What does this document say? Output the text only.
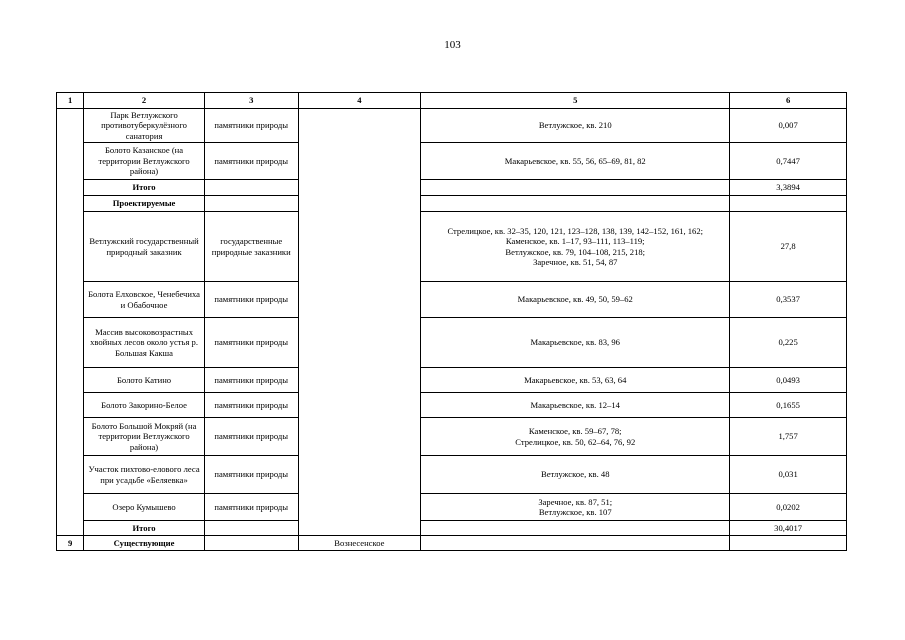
103
1	2	3	4	5	6
	Парк Ветлужского противотуберкулёзного санатория	памятники природы		Ветлужское, кв. 210	0,007
	Болото Казанское (на территории Ветлужского района)	памятники природы		Макарьевское, кв. 55, 56, 65–69, 81, 82	0,7447
	Итого				3,3894
	Проектируемые				
	Ветлужский государственный природный заказник	государственные природные заказники		Стрелицкое, кв. 32–35, 120, 121, 123–128, 138, 139, 142–152, 161, 162;
Каменское, кв. 1–17, 93–111, 113–119;
Ветлужское, кв. 79, 104–108, 215, 218;
Заречное, кв. 51, 54, 87	27,8
	Болота Елховское, Ченебечиха и Обабочное	памятники природы		Макарьевское, кв. 49, 50, 59–62	0,3537
	Массив высоковозрастных хвойных лесов около устья р. Большая Какша	памятники природы		Макарьевское, кв. 83, 96	0,225
	Болото Катино	памятники природы		Макарьевское, кв. 53, 63, 64	0,0493
	Болото Закорино-Белое	памятники природы		Макарьевское, кв. 12–14	0,1655
	Болото Большой Мокряй (на территории Ветлужского района)	памятники природы		Каменское, кв. 59–67, 78;
Стрелицкое, кв. 50, 62–64, 76, 92	1,757
	Участок пихтово-елового леса при усадьбе «Беляевка»	памятники природы		Ветлужское, кв. 48	0,031
	Озеро Кумышево	памятники природы		Заречное, кв. 87, 51;
Ветлужское, кв. 107	0,0202
	Итого				30,4017
9	Существующие		Вознесенское		
